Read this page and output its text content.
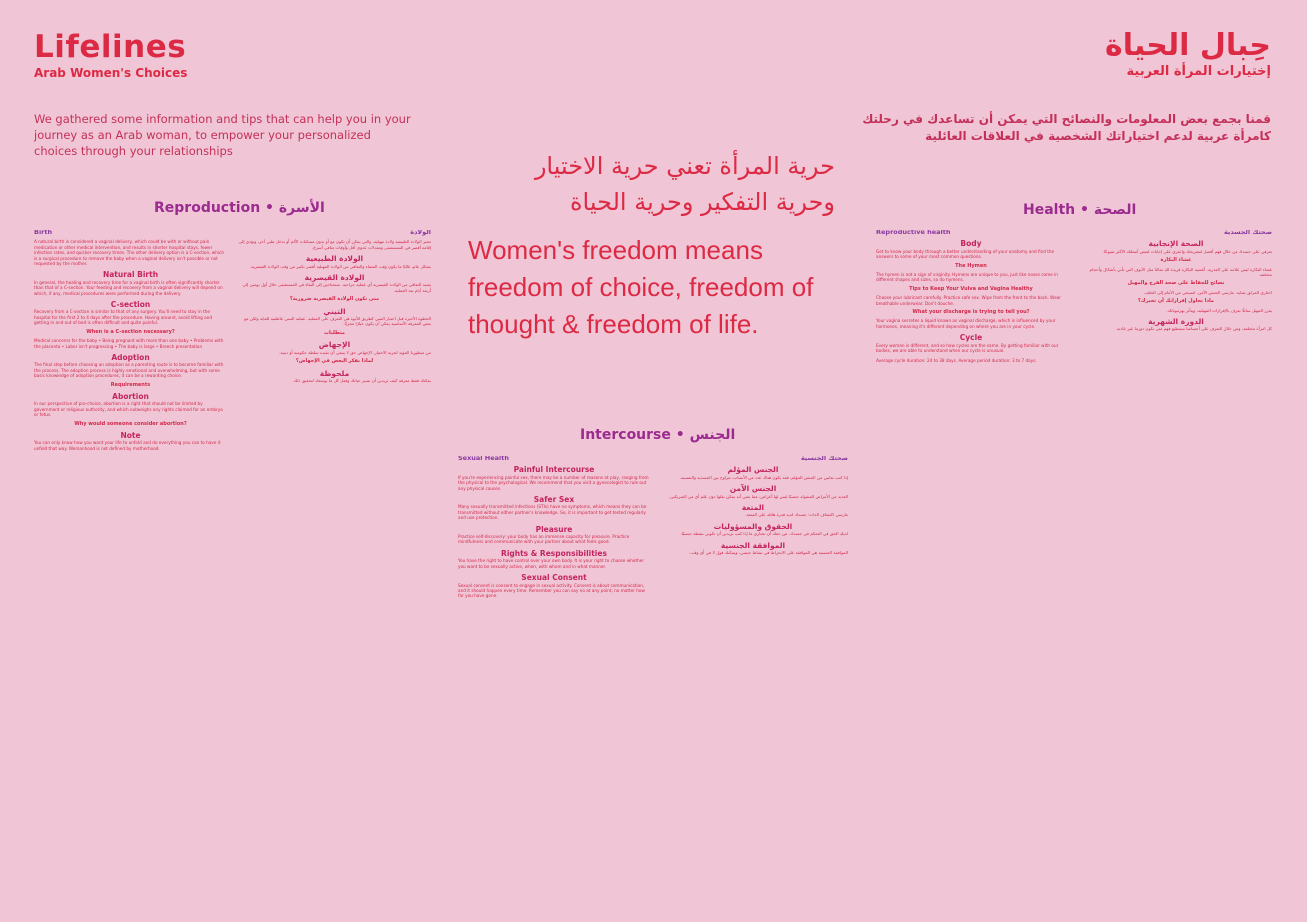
Lifelines
Arab Women's Choices
حِبال الحياة
إختيارات المرأة العربية
We gathered some information and tips that can help you in your journey as an Arab woman, to empower your personalized choices through your relationships
قمنا بجمع بعض المعلومات والنصائح التي يمكن أن تساعدك في رحلتك كامرأة عربية لدعم اختياراتك الشخصية في العلاقات العائلية
حرية المرأة تعني حرية الاختيار وحرية التفكير وحرية الحياة
Women's freedom means freedom of choice, freedom of thought & freedom of life.
Reproduction • الأسرة
Intercourse • الجنس
Health • الصحة
Birth
A natural birth is considered a vaginal delivery, which could be with or without pain medication or other medical intervention, and results in shorter hospital stays, fewer infection rates, and quicker recovery times. The other delivery option is a C-section, which is a surgical procedure to remove the baby when a vaginal delivery isn't possible or not requested by the mother.
Natural Birth
In general, the healing and recovery time for a vaginal birth is often significantly shorter than that of a C-section. Your feeding and recovery from a vaginal delivery will depend on which, if any, medical procedures were performed during the delivery.
C-section
Recovery from a C-section is similar to that of any surgery. You'll need to stay in the hospital for the first 2 to 4 days after the procedure. Having around, avoid lifting and getting in and out of bed is often difficult and quite painful.
When is a C-section necessary?
Medical concerns for the baby • Being pregnant with more than one baby • Problems with the placenta • Labor isn't progressing • The baby is large • Breech presentation
Adoption
The final step before choosing an adoption as a parenting route is to become familiar with the process. The adoption process is highly emotional and overwhelming, but with some basic knowledge of adoption procedures, it can be a rewarding choice.
Requirements
Abortion
In our perspective of pro-choice, abortion is a right that should not be limited by government or religious authority, and which outweighs any rights claimed for an embryo or fetus.
Why would someone consider abortion?
Note
You can only know how you want your life to unfold and do everything you can to have it unfold that way. Womanhood is not defined by motherhood.
الولادة
تعتبر الولادة الطبيعية ولادة مهبلية، والتي يمكن أن تكون مع أو بدون مسكنات الألم أو تدخل طبي آخر، وتؤدي إلى إقامة أقصر في المستشفى ومعدلات عدوى أقل وأوقات تعافي أسرع.
الولادة الطبيعية
بشكل عام، غالبًا ما يكون وقت الشفاء والتعافي من الولادة المهبلية أقصر بكثير من وقت الولادة القيصرية.
الولادة القيصرية
يشبه التعافي من الولادة القيصرية أي عملية جراحية. ستحتاجين إلى البقاء في المستشفى خلال أول يومين إلى أربعة أيام بعد العملية.
متى تكون الولادة القيصرية ضرورية؟
التبني
الخطوة الأخيرة قبل اختيار التبني كطريق للأبوة هي التعرف على العملية. عملية التبني عاطفية للغاية ولكن مع بعض المعرفة الأساسية يمكن أن يكون خيارًا مجزيًا.
متطلبات
الإجهاض
من منظورنا المؤيد لحرية الاختيار، الإجهاض حق لا ينبغي أن تقيده سلطة حكومية أو دينية.
لماذا يفكر البعض في الإجهاض؟
ملحوظة
يمكنك فقط معرفة كيف تريدين أن تسير حياتك وفعل كل ما بوسعك لتحقيق ذلك.
Sexual Health
Painful Intercourse
If you're experiencing painful sex, there may be a number of reasons at play, ranging from the physical to the psychological. We recommend that you visit a gynecologist to rule out any physical causes.
Safer Sex
Many sexually transmitted infections (STIs) have no symptoms, which means they can be transmitted without either partner's knowledge. So, it is important to get tested regularly and use protection.
Pleasure
Practice self-discovery: your body has an immense capacity for pleasure. Practice mindfulness and communicate with your partner about what feels good.
Rights & Responsibilities
You have the right to have control over your own body. It is your right to choose whether you want to be sexually active, when, with whom and in what manner.
Sexual Consent
Sexual consent is consent to engage in sexual activity. Consent is about communication, and it should happen every time. Remember you can say no at any point, no matter how far you have gone.
صحتك الجنسية
الجنس المؤلم
إذا كنتِ تعانين من الجنس المؤلم، فقد يكون هناك عدد من الأسباب، تتراوح بين الجسدية والنفسية.
الجنس الآمن
العديد من الأمراض المنقولة جنسيًا ليس لها أعراض، مما يعني أنه يمكن نقلها دون علم أي من الشريكين.
المتعة
مارسي اكتشاف الذات: جسدك لديه قدرة هائلة على المتعة.
الحقوق والمسؤوليات
لديكِ الحق في التحكم في جسدك. من حقك أن تختاري ما إذا كنتِ تريدين أن تكوني نشطة جنسيًا.
الموافقة الجنسية
الموافقة الجنسية هي الموافقة على الانخراط في نشاط جنسي، ويمكنك قول لا في أي وقت.
Reproductive health
Body
Get to know your body through a better understanding of your anatomy and find the answers to some of your most common questions.
The Hymen
The hymen is not a sign of virginity. Hymens are unique to you, just like noses come in different shapes and sizes, so do hymens.
Tips to Keep Your Vulva and Vagina Healthy
Choose your lubricant carefully. Practice safe sex. Wipe from the front to the back. Wear breathable underwear. Don't douche.
What your discharge is trying to tell you?
Your vagina secretes a liquid known as vaginal discharge, which is influenced by your hormones, meaning it's different depending on where you are in your cycle.
Cycle
Every woman is different, and so how cycles are the same. By getting familiar with our bodies, we are able to understand when our cycle is unusual.
Average cycle duration: 24 to 38 days. Average period duration: 3 to 7 days.
صحتك الجسدية
الصحة الإنجابية
تعرفي على جسدك من خلال فهم أفضل لتشريحك واعثري على إجابات لبعض أسئلتك الأكثر شيوعًا.
غشاء البكارة
غشاء البكارة ليس علامة على العذرية. أغشية البكارة فريدة لكِ تمامًا مثل الأنوف التي تأتي بأشكال وأحجام مختلفة.
نصائح للحفاظ على صحة الفرج والمهبل
اختاري المزلق بعناية. مارسي الجنس الآمن. امسحي من الأمام إلى الخلف.
ماذا تحاول إفرازاتك أن تخبرك؟
يفرز المهبل سائلًا يعرف بالإفرازات المهبلية، ويتأثر بهرموناتك.
الدورة الشهرية
كل امرأة مختلفة، ومن خلال التعرف على أجسامنا نستطيع فهم متى تكون دورتنا غير عادية.
